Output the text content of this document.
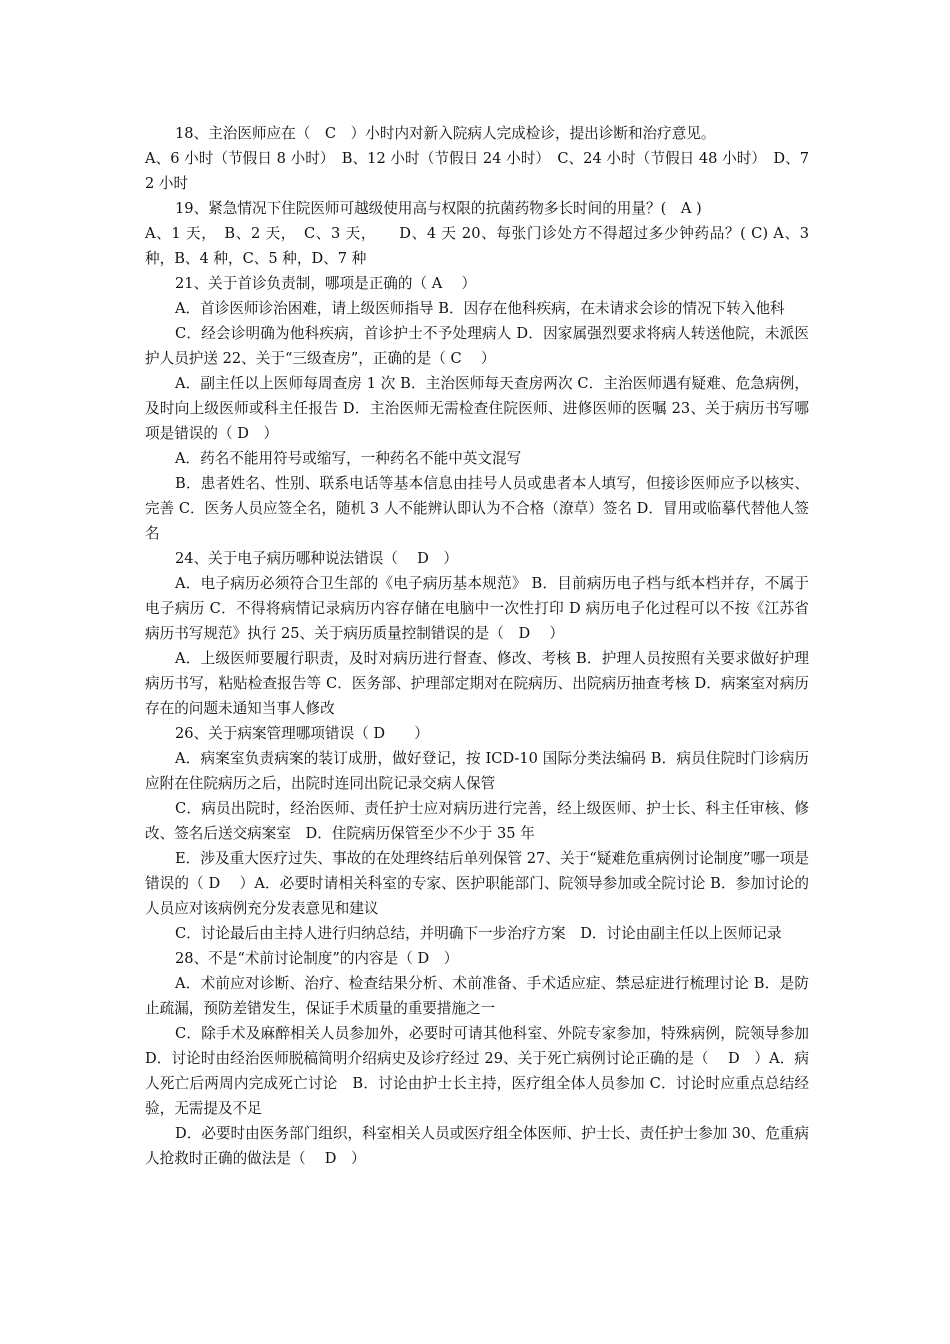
18、主治医师应在（　C　）小时内对新入院病人完成检诊，提出诊断和治疗意见。

A、6 小时（节假日 8 小时）　B、12 小时（节假日 24 小时）　C、24 小时（节假日 48 小时）　D、72 小时

19、紧急情况下住院医师可越级使用高与权限的抗菌药物多长时间的用量？(　A )

A、1 天，　B、2 天，　C、3 天，　　D、4 天 20、每张门诊处方不得超过多少钟药品？( C) A、3 种，B、4 种，C、5 种，D、7 种

21、关于首诊负责制，哪项是正确的（ A　 ）

A．首诊医师诊治困难，请上级医师指导 B．因存在他科疾病，在未请求会诊的情况下转入他科

C．经会诊明确为他科疾病，首诊护士不予处理病人 D．因家属强烈要求将病人转送他院，未派医护人员护送 22、关于“三级查房”，正确的是（ C　 ）

A．副主任以上医师每周查房 1 次 B．主治医师每天查房两次 C．主治医师遇有疑难、危急病例，及时向上级医师或科主任报告 D．主治医师无需检查住院医师、进修医师的医嘱 23、关于病历书写哪项是错误的（ D　）

A．药名不能用符号或缩写，一种药名不能中英文混写

B．患者姓名、性别、联系电话等基本信息由挂号人员或患者本人填写，但接诊医师应予以核实、完善 C．医务人员应签全名，随机 3 人不能辨认即认为不合格（潦草）签名 D．冒用或临摹代替他人签名

24、关于电子病历哪种说法错误（　 D　）

A．电子病历必须符合卫生部的《电子病历基本规范》 B．目前病历电子档与纸本档并存，不属于电子病历 C．不得将病情记录病历内容存储在电脑中一次性打印 D 病历电子化过程可以不按《江苏省病历书写规范》执行 25、关于病历质量控制错误的是（　D　 ）

A．上级医师要履行职责，及时对病历进行督查、修改、考核 B．护理人员按照有关要求做好护理病历书写，粘贴检查报告等 C．医务部、护理部定期对在院病历、出院病历抽查考核 D．病案室对病历存在的问题未通知当事人修改

26、关于病案管理哪项错误（ D　　）

A．病案室负责病案的装订成册，做好登记，按 ICD-10 国际分类法编码 B．病员住院时门诊病历应附在住院病历之后，出院时连同出院记录交病人保管

C．病员出院时，经治医师、责任护士应对病历进行完善，经上级医师、护士长、科主任审核、修改、签名后送交病案室　D．住院病历保管至少不少于 35 年

E．涉及重大医疗过失、事故的在处理终结后单列保管 27、关于“疑难危重病例讨论制度”哪一项是错误的（ D　 ）A．必要时请相关科室的专家、医护职能部门、院领导参加或全院讨论 B．参加讨论的人员应对该病例充分发表意见和建议

C．讨论最后由主持人进行归纳总结，并明确下一步治疗方案　D．讨论由副主任以上医师记录

28、不是“术前讨论制度”的内容是（ D　）

A．术前应对诊断、治疗、检查结果分析、术前准备、手术适应症、禁忌症进行梳理讨论 B．是防止疏漏，预防差错发生，保证手术质量的重要措施之一

C．除手术及麻醉相关人员参加外，必要时可请其他科室、外院专家参加，特殊病例，院领导参加 D．讨论时由经治医师脱稿简明介绍病史及诊疗经过 29、关于死亡病例讨论正确的是（　 D　）A．病人死亡后两周内完成死亡讨论　B．讨论由护士长主持，医疗组全体人员参加 C．讨论时应重点总结经验，无需提及不足

D．必要时由医务部门组织，科室相关人员或医疗组全体医师、护士长、责任护士参加 30、危重病人抢救时正确的做法是（　 D　）
